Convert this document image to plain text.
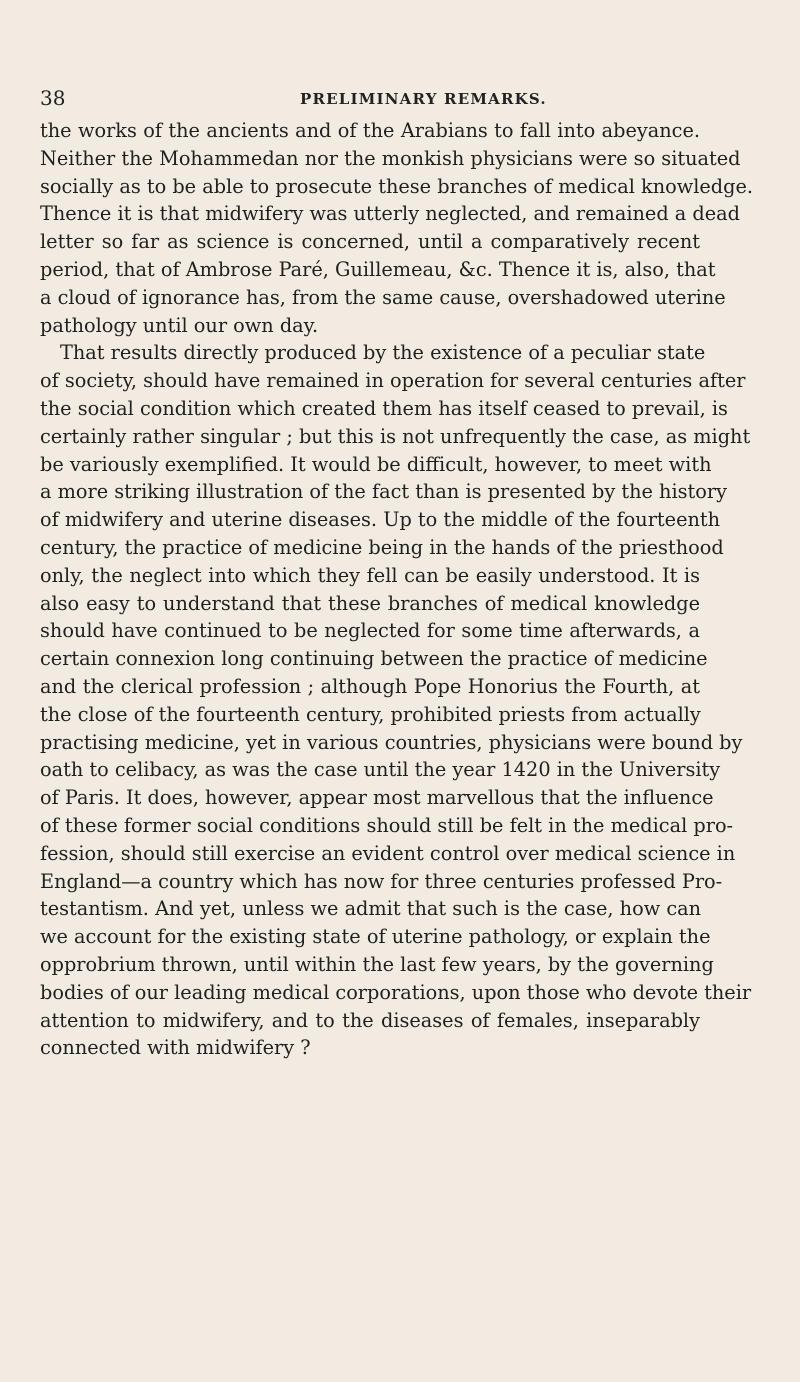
38	PRELIMINARY REMARKS.
the works of the ancients and of the Arabians to fall into abeyance.
Neither the Mohammedan nor the monkish physicians were so situated
socially as to be able to prosecute these branches of medical knowledge.
Thence it is that midwifery was utterly neglected, and remained a dead
letter so far as science is concerned, until a comparatively recent
period, that of Ambrose Paré, Guillemeau, &c. Thence it is, also, that
a cloud of ignorance has, from the same cause, overshadowed uterine
pathology until our own day.
That results directly produced by the existence of a peculiar state
of society, should have remained in operation for several centuries after
the social condition which created them has itself ceased to prevail, is
certainly rather singular ; but this is not unfrequently the case, as might
be variously exemplified. It would be difficult, however, to meet with
a more striking illustration of the fact than is presented by the history
of midwifery and uterine diseases. Up to the middle of the fourteenth
century, the practice of medicine being in the hands of the priesthood
only, the neglect into which they fell can be easily understood. It is
also easy to understand that these branches of medical knowledge
should have continued to be neglected for some time afterwards, a
certain connexion long continuing between the practice of medicine
and the clerical profession ; although Pope Honorius the Fourth, at
the close of the fourteenth century, prohibited priests from actually
practising medicine, yet in various countries, physicians were bound by
oath to celibacy, as was the case until the year 1420 in the University
of Paris. It does, however, appear most marvellous that the influence
of these former social conditions should still be felt in the medical pro-
fession, should still exercise an evident control over medical science in
England—a country which has now for three centuries professed Pro-
testantism. And yet, unless we admit that such is the case, how can
we account for the existing state of uterine pathology, or explain the
opprobrium thrown, until within the last few years, by the governing
bodies of our leading medical corporations, upon those who devote their
attention to midwifery, and to the diseases of females, inseparably
connected with midwifery ?
